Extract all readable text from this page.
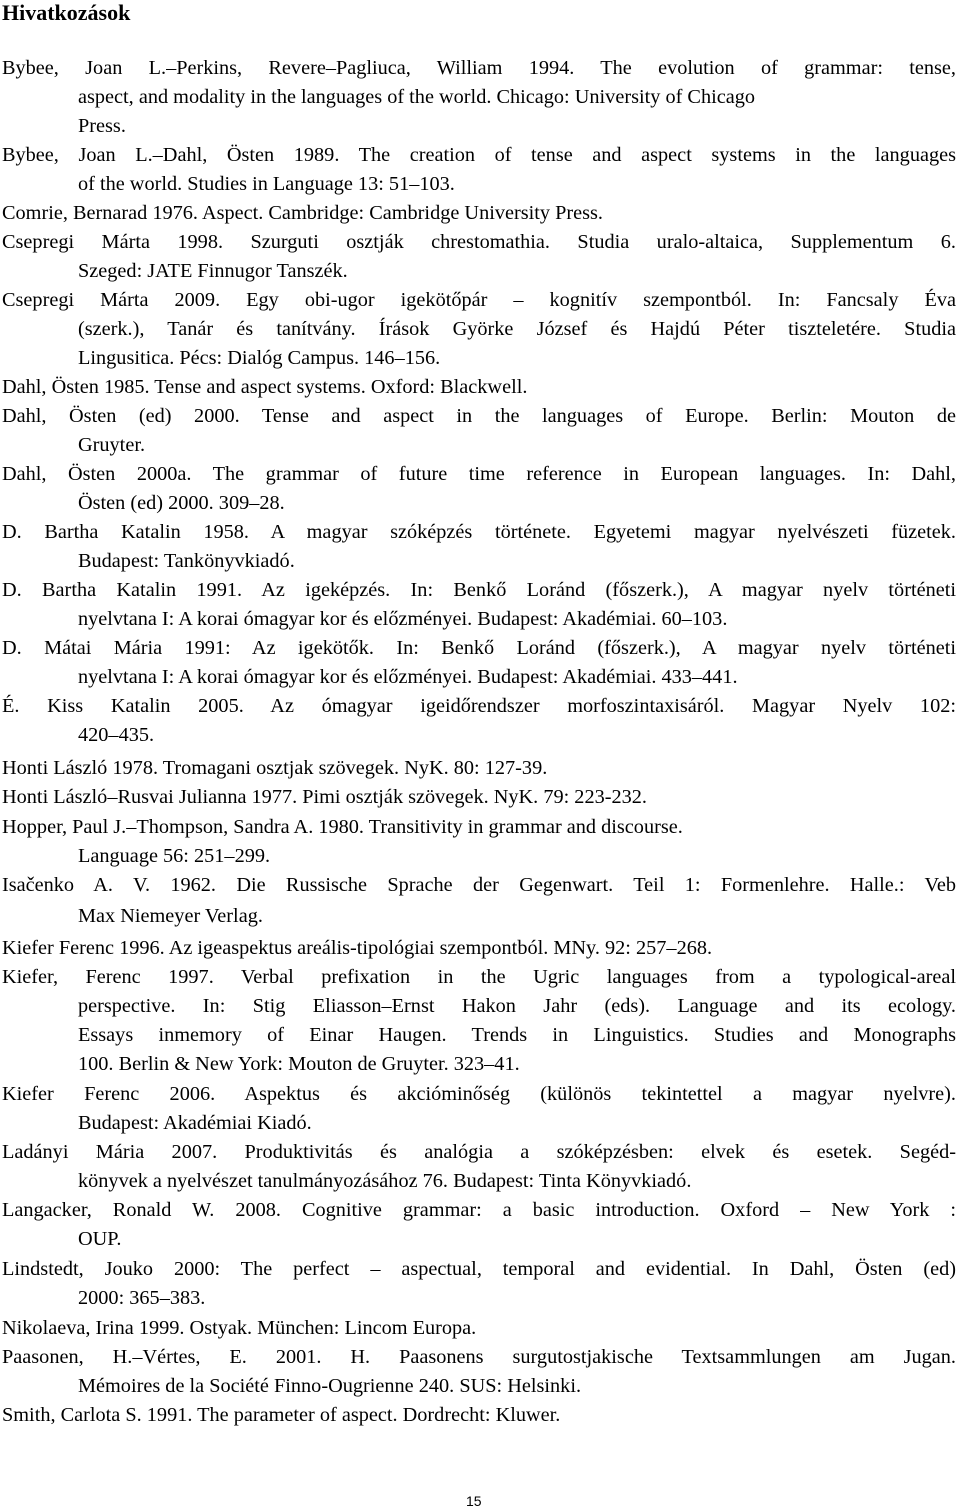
Hivatkozások
Bybee, Joan L.–Perkins, Revere–Pagliuca, William 1994. The evolution of grammar: tense,
aspect, and modality in the languages of the world. Chicago: University of Chicago
Press.
Bybee, Joan L.–Dahl, Östen 1989. The creation of tense and aspect systems in the languages
of the world. Studies in Language 13: 51–103.
Comrie, Bernarad 1976. Aspect. Cambridge: Cambridge University Press.
Csepregi Márta 1998. Szurguti osztják chrestomathia. Studia uralo-altaica, Supplementum 6.
Szeged: JATE Finnugor Tanszék.
Csepregi Márta 2009. Egy obi-ugor igekötőpár – kognitív szempontból. In: Fancsaly Éva
(szerk.), Tanár és tanítvány. Írások Györke József és Hajdú Péter tiszteletére. Studia
Lingusitica. Pécs: Dialóg Campus. 146–156.
Dahl, Östen 1985. Tense and aspect systems. Oxford: Blackwell.
Dahl, Östen (ed) 2000. Tense and aspect in the languages of Europe. Berlin: Mouton de
Gruyter.
Dahl, Östen 2000a. The grammar of future time reference in European languages. In: Dahl,
Östen (ed) 2000. 309–28.
D. Bartha Katalin 1958. A magyar szóképzés története. Egyetemi magyar nyelvészeti füzetek.
Budapest: Tankönyvkiadó.
D. Bartha Katalin 1991. Az igeképzés. In: Benkő Loránd (főszerk.), A magyar nyelv történeti
nyelvtana I: A korai ómagyar kor és előzményei. Budapest: Akadémiai. 60–103.
D. Mátai Mária 1991: Az igekötők. In: Benkő Loránd (főszerk.), A magyar nyelv történeti
nyelvtana I: A korai ómagyar kor és előzményei. Budapest: Akadémiai. 433–441.
É. Kiss Katalin 2005. Az ómagyar igeidőrendszer morfoszintaxisáról. Magyar Nyelv 102:
420–435.
Honti László 1978. Tromagani osztjak szövegek. NyK. 80: 127-39.
Honti László–Rusvai Julianna 1977. Pimi osztják szövegek. NyK. 79: 223-232.
Hopper, Paul J.–Thompson, Sandra A. 1980. Transitivity in grammar and discourse.
Language 56: 251–299.
Isačenko A. V. 1962. Die Russische Sprache der Gegenwart. Teil 1: Formenlehre. Halle.: Veb
Max Niemeyer Verlag.
Kiefer Ferenc 1996. Az igeaspektus areális-tipológiai szempontból. MNy. 92: 257–268.
Kiefer, Ferenc 1997. Verbal prefixation in the Ugric languages from a typological-areal
perspective. In: Stig Eliasson–Ernst Hakon Jahr (eds). Language and its ecology.
Essays inmemory of Einar Haugen. Trends in Linguistics. Studies and Monographs
100. Berlin & New York: Mouton de Gruyter. 323–41.
Kiefer Ferenc 2006. Aspektus és akcióminőség (különös tekintettel a magyar nyelvre).
Budapest: Akadémiai Kiadó.
Ladányi Mária 2007. Produktivitás és analógia a szóképzésben: elvek és esetek. Segéd-
könyvek a nyelvészet tanulmányozásához 76. Budapest: Tinta Könyvkiadó.
Langacker, Ronald W. 2008. Cognitive grammar: a basic introduction. Oxford – New York :
OUP.
Lindstedt, Jouko 2000: The perfect – aspectual, temporal and evidential. In Dahl, Östen (ed)
2000: 365–383.
Nikolaeva, Irina 1999. Ostyak. München: Lincom Europa.
Paasonen, H.–Vértes, E. 2001. H. Paasonens surgutostjakische Textsammlungen am Jugan.
Mémoires de la Société Finno-Ougrienne 240. SUS: Helsinki.
Smith, Carlota S. 1991. The parameter of aspect. Dordrecht: Kluwer.
15
